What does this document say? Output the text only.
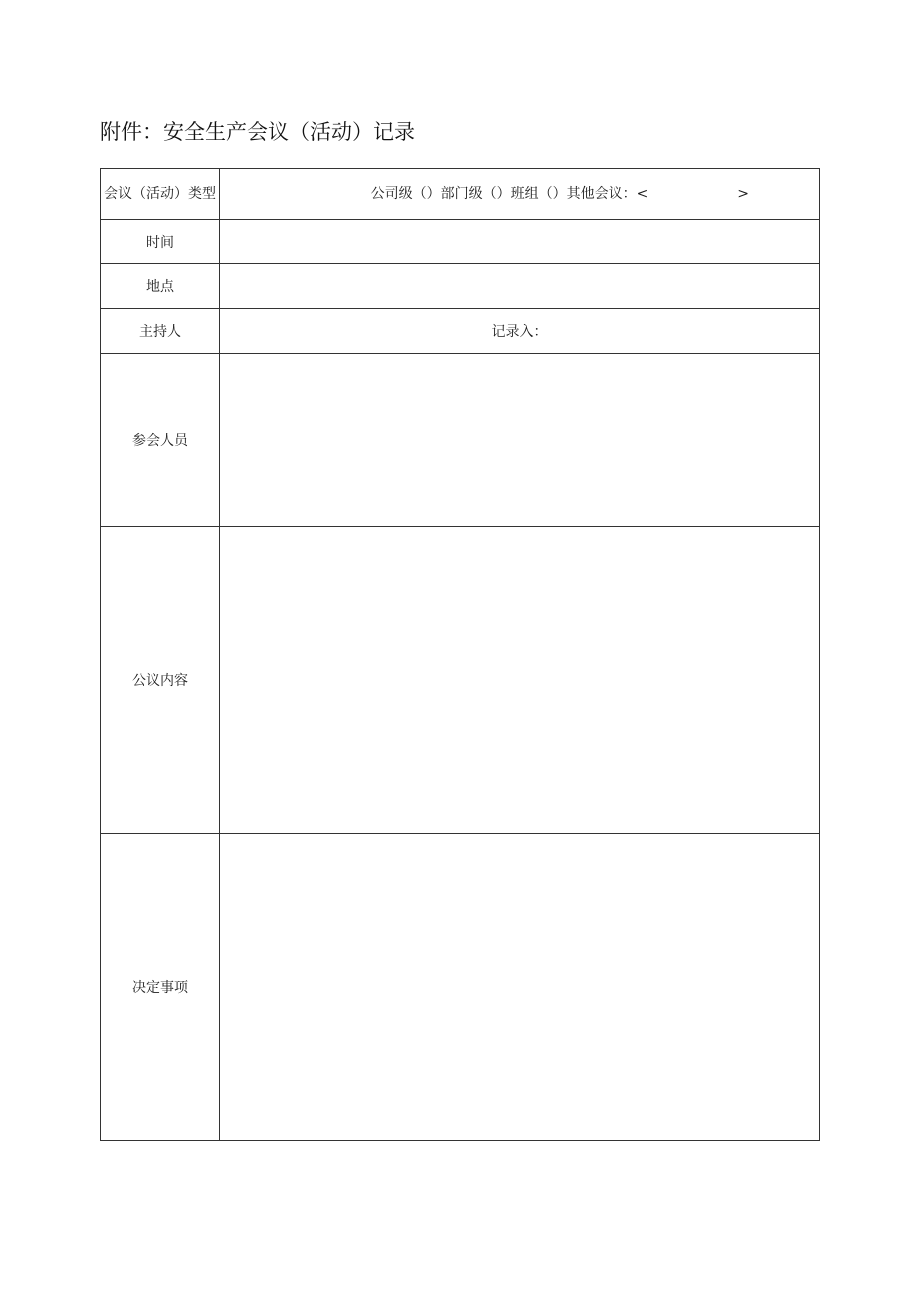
附件：安全生产会议（活动）记录
会议（活动）类型	公司级（）部门级（）班组（）其他会议：< >

时间	
地点	
主持人	记录入：
参会人员	
公议内容	
决定事项	
